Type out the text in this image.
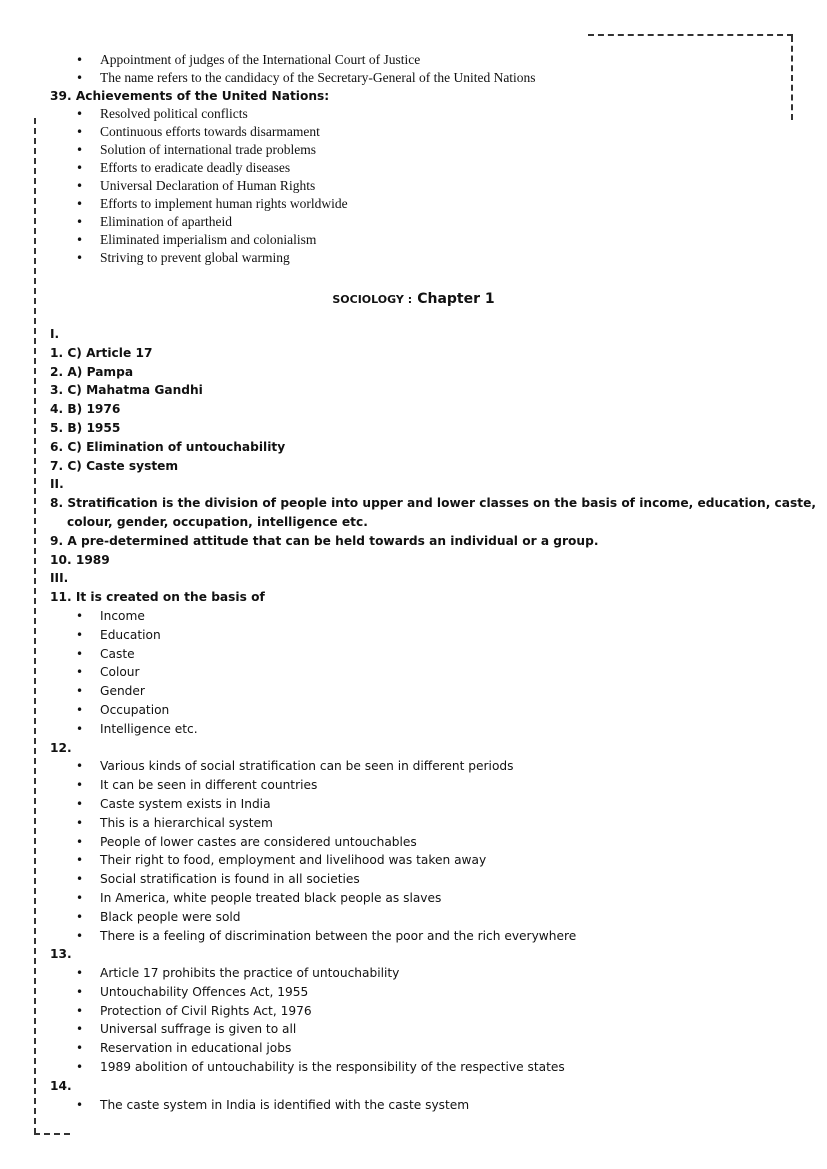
• Appointment of judges of the International Court of Justice
• The name refers to the candidacy of the Secretary-General of the United Nations
39. Achievements of the United Nations:
• Resolved political conflicts
• Continuous efforts towards disarmament
• Solution of international trade problems
• Efforts to eradicate deadly diseases
• Universal Declaration of Human Rights
• Efforts to implement human rights worldwide
• Elimination of apartheid
• Eliminated imperialism and colonialism
• Striving to prevent global warming
SOCIOLOGY : Chapter 1
I.
1. C) Article 17
2. A) Pampa
3. C) Mahatma Gandhi
4. B) 1976
5. B) 1955
6. C) Elimination of untouchability
7. C) Caste system
II.
8. Stratification is the division of people into upper and lower classes on the basis of income, education, caste,
colour, gender, occupation, intelligence etc.
9. A pre-determined attitude that can be held towards an individual or a group.
10. 1989
III.
11. It is created on the basis of
• Income
• Education
• Caste
• Colour
• Gender
• Occupation
• Intelligence etc.
12.
• Various kinds of social stratification can be seen in different periods
• It can be seen in different countries
• Caste system exists in India
• This is a hierarchical system
• People of lower castes are considered untouchables
• Their right to food, employment and livelihood was taken away
• Social stratification is found in all societies
• In America, white people treated black people as slaves
• Black people were sold
• There is a feeling of discrimination between the poor and the rich everywhere
13.
• Article 17 prohibits the practice of untouchability
• Untouchability Offences Act, 1955
• Protection of Civil Rights Act, 1976
• Universal suffrage is given to all
• Reservation in educational jobs
• 1989 abolition of untouchability is the responsibility of the respective states
14.
• The caste system in India is identified with the caste system
